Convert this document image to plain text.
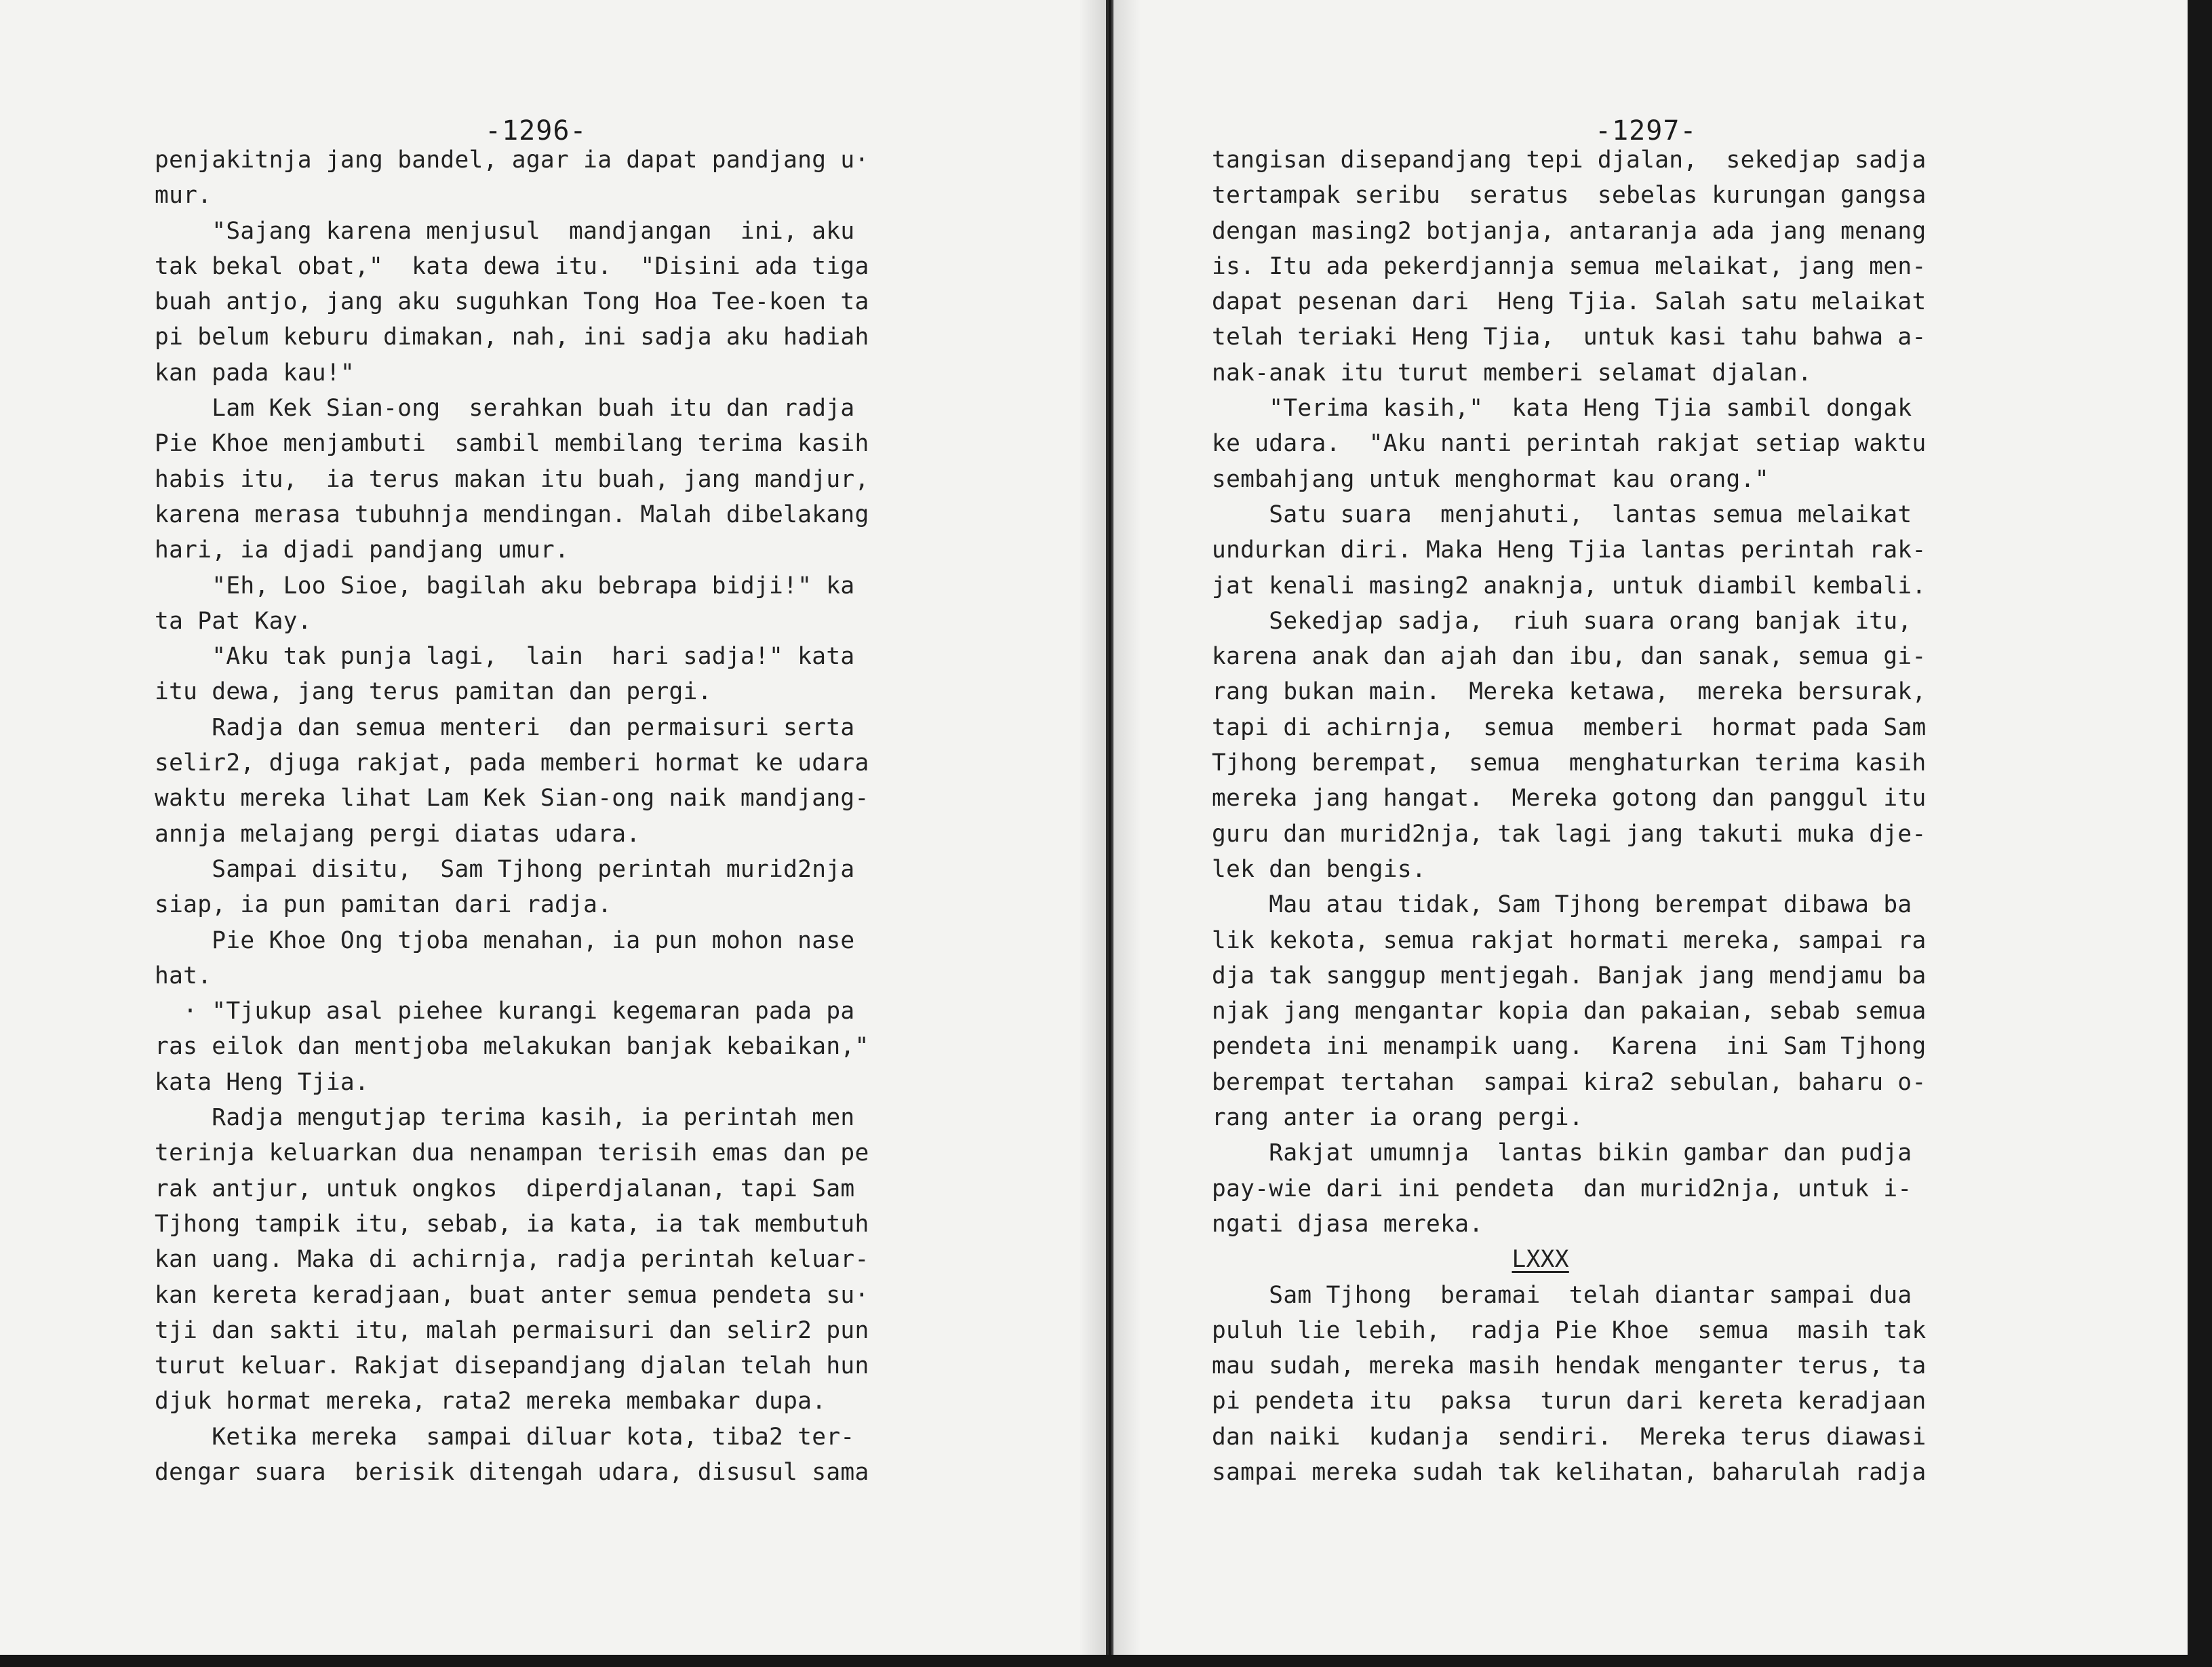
-1296-
penjakitnja jang bandel, agar ia dapat pandjang u·
mur.
"Sajang karena menjusul  mandjangan  ini, aku
tak bekal obat,"  kata dewa itu.  "Disini ada tiga
buah antjo, jang aku suguhkan Tong Hoa Tee-koen ta
pi belum keburu dimakan, nah, ini sadja aku hadiah
kan pada kau!"
Lam Kek Sian-ong  serahkan buah itu dan radja
Pie Khoe menjambuti  sambil membilang terima kasih
habis itu,  ia terus makan itu buah, jang mandjur,
karena merasa tubuhnja mendingan. Malah dibelakang
hari, ia djadi pandjang umur.
"Eh, Loo Sioe, bagilah aku bebrapa bidji!" ka
ta Pat Kay.
"Aku tak punja lagi,  lain  hari sadja!" kata
itu dewa, jang terus pamitan dan pergi.
Radja dan semua menteri  dan permaisuri serta
selir2, djuga rakjat, pada memberi hormat ke udara
waktu mereka lihat Lam Kek Sian-ong naik mandjang-
annja melajang pergi diatas udara.
Sampai disitu,  Sam Tjhong perintah murid2nja
siap, ia pun pamitan dari radja.
Pie Khoe Ong tjoba menahan, ia pun mohon nase
hat.
· "Tjukup asal piehee kurangi kegemaran pada pa
ras eilok dan mentjoba melakukan banjak kebaikan,"
kata Heng Tjia.
Radja mengutjap terima kasih, ia perintah men
terinja keluarkan dua nenampan terisih emas dan pe
rak antjur, untuk ongkos  diperdjalanan, tapi Sam
Tjhong tampik itu, sebab, ia kata, ia tak membutuh
kan uang. Maka di achirnja, radja perintah keluar-
kan kereta keradjaan, buat anter semua pendeta su·
tji dan sakti itu, malah permaisuri dan selir2 pun
turut keluar. Rakjat disepandjang djalan telah hun
djuk hormat mereka, rata2 mereka membakar dupa.
Ketika mereka  sampai diluar kota, tiba2 ter-
dengar suara  berisik ditengah udara, disusul sama
-1297-
tangisan disepandjang tepi djalan,  sekedjap sadja
tertampak seribu  seratus  sebelas kurungan gangsa
dengan masing2 botjanja, antaranja ada jang menang
is. Itu ada pekerdjannja semua melaikat, jang men-
dapat pesenan dari  Heng Tjia. Salah satu melaikat
telah teriaki Heng Tjia,  untuk kasi tahu bahwa a-
nak-anak itu turut memberi selamat djalan.
"Terima kasih,"  kata Heng Tjia sambil dongak
ke udara.  "Aku nanti perintah rakjat setiap waktu
sembahjang untuk menghormat kau orang."
Satu suara  menjahuti,  lantas semua melaikat
undurkan diri. Maka Heng Tjia lantas perintah rak-
jat kenali masing2 anaknja, untuk diambil kembali.
Sekedjap sadja,  riuh suara orang banjak itu,
karena anak dan ajah dan ibu, dan sanak, semua gi-
rang bukan main.  Mereka ketawa,  mereka bersurak,
tapi di achirnja,  semua  memberi  hormat pada Sam
Tjhong berempat,  semua  menghaturkan terima kasih
mereka jang hangat.  Mereka gotong dan panggul itu
guru dan murid2nja, tak lagi jang takuti muka dje-
lek dan bengis.
Mau atau tidak, Sam Tjhong berempat dibawa ba
lik kekota, semua rakjat hormati mereka, sampai ra
dja tak sanggup mentjegah. Banjak jang mendjamu ba
njak jang mengantar kopia dan pakaian, sebab semua
pendeta ini menampik uang.  Karena  ini Sam Tjhong
berempat tertahan  sampai kira2 sebulan, baharu o-
rang anter ia orang pergi.
Rakjat umumnja  lantas bikin gambar dan pudja
pay-wie dari ini pendeta  dan murid2nja, untuk i-
ngati djasa mereka.
LXXX
Sam Tjhong  beramai  telah diantar sampai dua
puluh lie lebih,  radja Pie Khoe  semua  masih tak
mau sudah, mereka masih hendak menganter terus, ta
pi pendeta itu  paksa  turun dari kereta keradjaan
dan naiki  kudanja  sendiri.  Mereka terus diawasi
sampai mereka sudah tak kelihatan, baharulah radja
